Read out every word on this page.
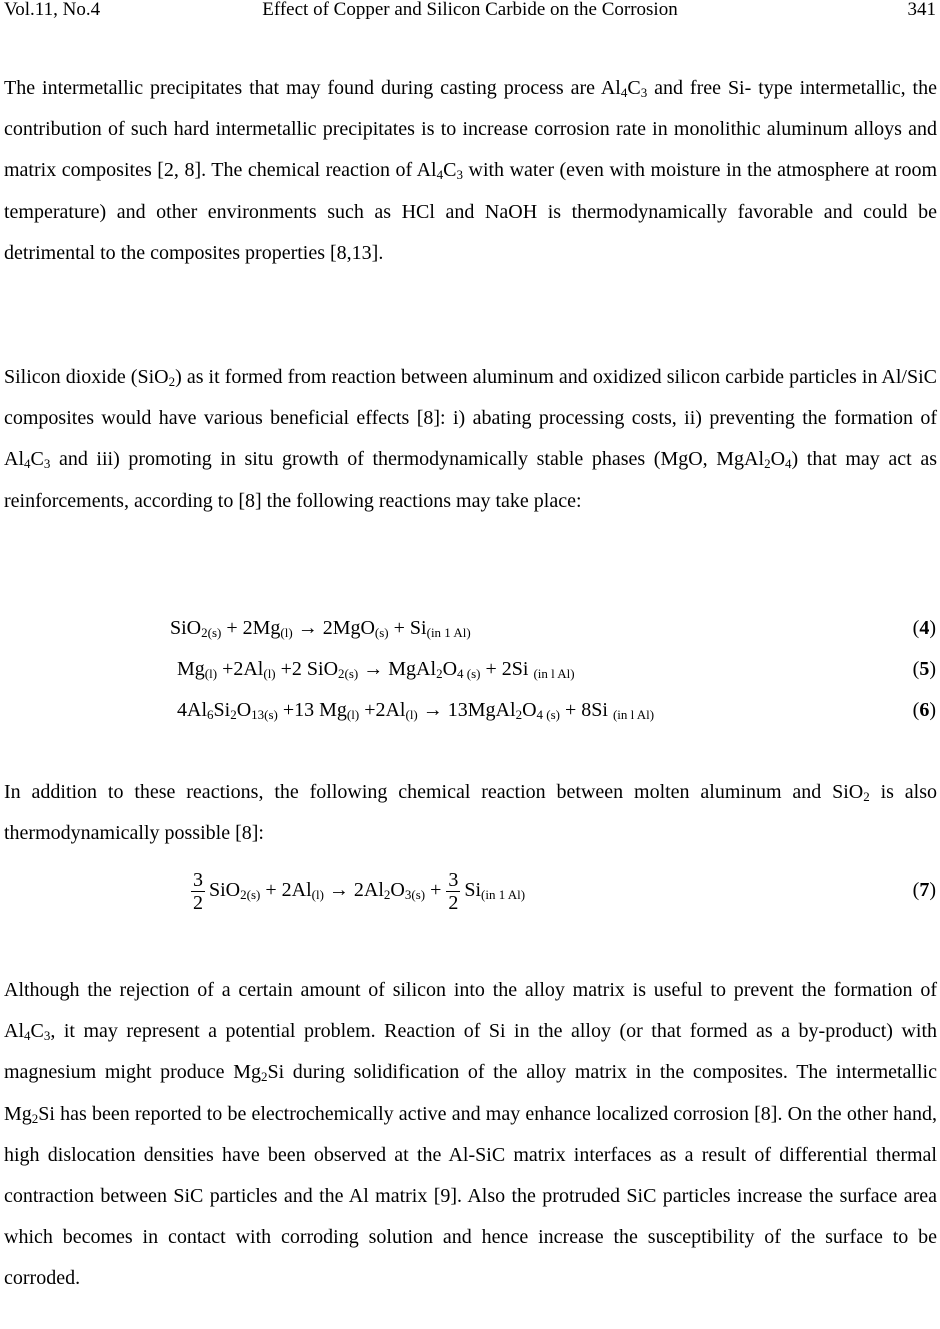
Vol.11, No.4	Effect of Copper and Silicon Carbide on the Corrosion	341

The intermetallic precipitates that may found during casting process are $Al_4C_3$ and free Si- type intermetallic, the contribution of such hard intermetallic precipitates is to increase corrosion rate in monolithic aluminum alloys and matrix composites [2, 8]. The chemical reaction of $Al_4C_3$ with water (even with moisture in the atmosphere at room temperature) and other environments such as HCl and NaOH is thermodynamically favorable and could be detrimental to the composites properties [8,13].

Silicon dioxide (SiO$_2$) as it formed from reaction between aluminum and oxidized silicon carbide particles in Al/SiC composites would have various beneficial effects [8]: i) abating processing costs, ii) preventing the formation of $Al_4C_3$ and iii) promoting in situ growth of thermodynamically stable phases (MgO, $MgAl_2O_4$) that may act as reinforcements, according to [8] the following reactions may take place:

$SiO_{2(s)} + 2Mg_{(l)} \to 2MgO_{(s)} + Si_{(in 1 Al)}$	(4)
$Mg_{(l)} +2Al_{(l)} +2$ $SiO_{2(s)} \to MgAl_2O_{4 (s)} + 2Si$ $_{(in l Al)}$	(5)
$4Al_6Si_2O_{13(s)} +13$ $Mg_{(l)} +2Al_{(l)}$ → $13MgAl_2O_{4 (s)} + 8Si$ $_{(in l Al)}$	(6)

In addition to these reactions, the following chemical reaction between molten aluminum and SiO$_2$ is also thermodynamically possible [8]:

$\frac{3}{2} SiO_{2(s)} + 2Al_{(l)} \to 2Al_2O_{3(s)} + \frac{3}{2} Si_{(in 1 Al)}$	(7)

Although the rejection of a certain amount of silicon into the alloy matrix is useful to prevent the formation of $Al_4C_3$, it may represent a potential problem. Reaction of Si in the alloy (or that formed as a by-product) with magnesium might produce $Mg_2Si$ during solidification of the alloy matrix in the composites. The intermetallic $Mg_2Si$ has been reported to be electrochemically active and may enhance localized corrosion [8]. On the other hand, high dislocation densities have been observed at the Al-SiC matrix interfaces as a result of differential thermal contraction between SiC particles and the Al matrix [9]. Also the protruded SiC particles increase the surface area which becomes in contact with corroding solution and hence increase the susceptibility of the surface to be corroded.
